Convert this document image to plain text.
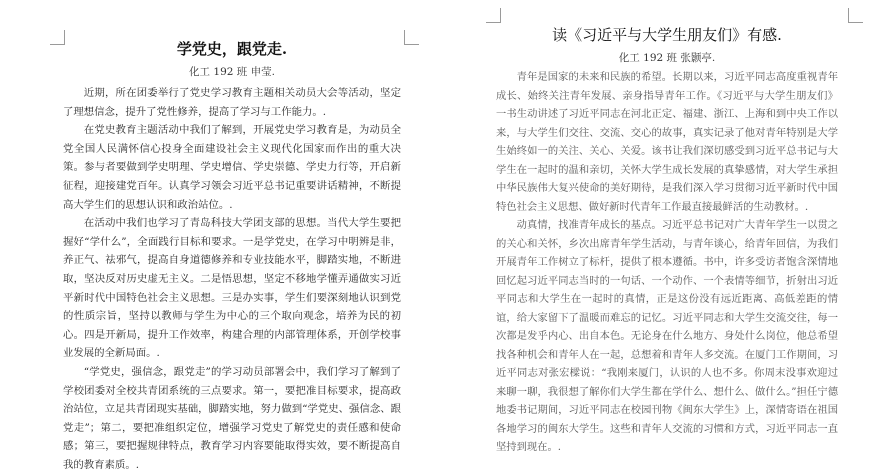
学党史，跟党走.
化工 192 班 申莹.

近期，所在团委举行了党史学习教育主题相关动员大会等活动，坚定了理想信念，提升了党性修养，提高了学习与工作能力。.

在党史教育主题活动中我们了解到，开展党史学习教育是，为动员全党全国人民满怀信心投身全面建设社会主义现代化国家而作出的重大决策。参与者要做到学史明理、学史增信、学史崇德、学史力行等，开启新征程，迎接建党百年。认真学习领会习近平总书记重要讲话精神，不断提高大学生们的思想认识和政治站位。.

在活动中我们也学习了青岛科技大学团支部的思想。当代大学生要把握好“学什么”，全面践行目标和要求。一是学党史，在学习中明辨是非，养正气、祛邪气，提高自身道德修养和专业技能水平，脚踏实地，不断进取，坚决反对历史虚无主义。二是悟思想，坚定不移地学懂弄通做实习近平新时代中国特色社会主义思想。三是办实事，学生们要深刻地认识到党的性质宗旨，坚持以教师与学生为中心的三个取向观念，培养为民的初心。四是开新局，提升工作效率，构建合理的内部管理体系，开创学校事业发展的全新局面。.

“学党史，强信念，跟党走”的学习动员部署会中，我们学习了解到了学校团委对全校共青团系统的三点要求。第一，要把准目标要求，提高政治站位，立足共青团现实基础，脚踏实地，努力做到“学党史、强信念、跟党走”；第二，要把准组织定位，增强学习党史了解党史的责任感和使命感；第三，要把握规律特点，教育学习内容要能取得实效，要不断提高自我的教育素质。.

读《习近平与大学生朋友们》有感.
化工 192 班 张颢亭.

青年是国家的未来和民族的希望。长期以来，习近平同志高度重视青年成长、始终关注青年发展、亲身指导青年工作。《习近平与大学生朋友们》一书生动讲述了习近平同志在河北正定、福建、浙江、上海和到中央工作以来，与大学生们交往、交流、交心的故事，真实记录了他对青年特别是大学生始终如一的关注、关心、关爱。该书让我们深切感受到习近平总书记与大学生在一起时的温和亲切，关怀大学生成长发展的真挚感情，对大学生承担中华民族伟大复兴使命的美好期待，是我们深入学习贯彻习近平新时代中国特色社会主义思想、做好新时代青年工作最直接最鲜活的生动教材。.

动真情，找准青年成长的基点。习近平总书记对广大青年学生一以贯之的关心和关怀，乡次出席青年学生活动，与青年谈心，给青年回信，为我们开展青年工作树立了标杆，提供了根本遵循。书中，许多受访者饱含深情地回忆起习近平同志当时的一句话、一个动作、一个表情等细节，折射出习近平同志和大学生在一起时的真情，正是这份没有远近距离、高低差距的情谊，给大家留下了温暖而难忘的记忆。习近平同志和大学生交流交往，每一次都是发乎内心、出自本色。无论身在什么地方、身处什么岗位，他总希望找各种机会和青年人在一起，总想着和青年人多交流。在厦门工作期间，习近平同志对张宏樑说：“我刚来厦门，认识的人也不多。你周末没事欢迎过来聊一聊，我很想了解你们大学生都在学什么、想什么、做什么。”担任宁德地委书记期间，习近平同志在校园刊物《闽东大学生》上，深情寄语在祖国各地学习的闽东大学生。这些和青年人交流的习惯和方式，习近平同志一直坚持到现在。.
